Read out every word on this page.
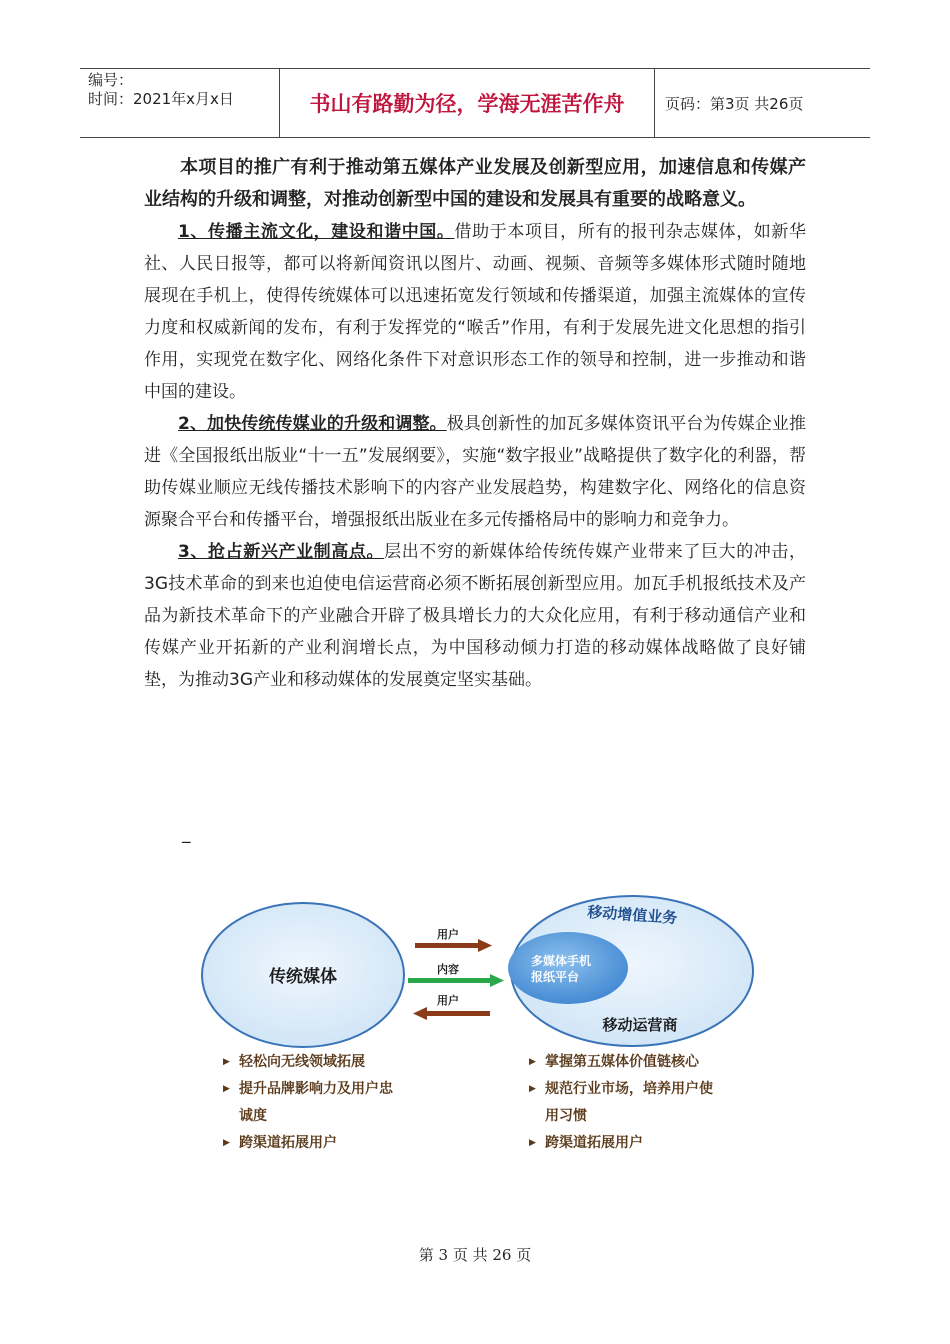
编号：
时间：2021年x月x日	书山有路勤为径，学海无涯苦作舟	页码：第3页 共26页

本项目的推广有利于推动第五媒体产业发展及创新型应用，加速信息和传媒产业结构的升级和调整，对推动创新型中国的建设和发展具有重要的战略意义。

1、传播主流文化，建设和谐中国。借助于本项目，所有的报刊杂志媒体，如新华社、人民日报等，都可以将新闻资讯以图片、动画、视频、音频等多媒体形式随时随地展现在手机上，使得传统媒体可以迅速拓宽发行领域和传播渠道，加强主流媒体的宣传力度和权威新闻的发布，有利于发挥党的“喉舌”作用，有利于发展先进文化思想的指引作用，实现党在数字化、网络化条件下对意识形态工作的领导和控制，进一步推动和谐中国的建设。

2、加快传统传媒业的升级和调整。极具创新性的加瓦多媒体资讯平台为传媒企业推进《全国报纸出版业“十一五”发展纲要》，实施“数字报业”战略提供了数字化的利器，帮助传媒业顺应无线传播技术影响下的内容产业发展趋势，构建数字化、网络化的信息资源聚合平台和传播平台，增强报纸出版业在多元传播格局中的影响力和竞争力。

3、抢占新兴产业制高点。层出不穷的新媒体给传统传媒产业带来了巨大的冲击，3G技术革命的到来也迫使电信运营商必须不断拓展创新型应用。加瓦手机报纸技术及产品为新技术革命下的产业融合开辟了极具增长力的大众化应用，有利于移动通信产业和传媒产业开拓新的产业利润增长点，为中国移动倾力打造的移动媒体战略做了良好铺垫，为推动3G产业和移动媒体的发展奠定坚实基础。

_
传统媒体
移动增值业务
多媒体手机
报纸平台
移动运营商
用户
内容
用户
▶ 轻松向无线领域拓展
▶ 提升品牌影响力及用户忠
诚度
▶ 跨渠道拓展用户
▶ 掌握第五媒体价值链核心
▶ 规范行业市场，培养用户使
用习惯
▶ 跨渠道拓展用户
第 3 页 共 26 页
